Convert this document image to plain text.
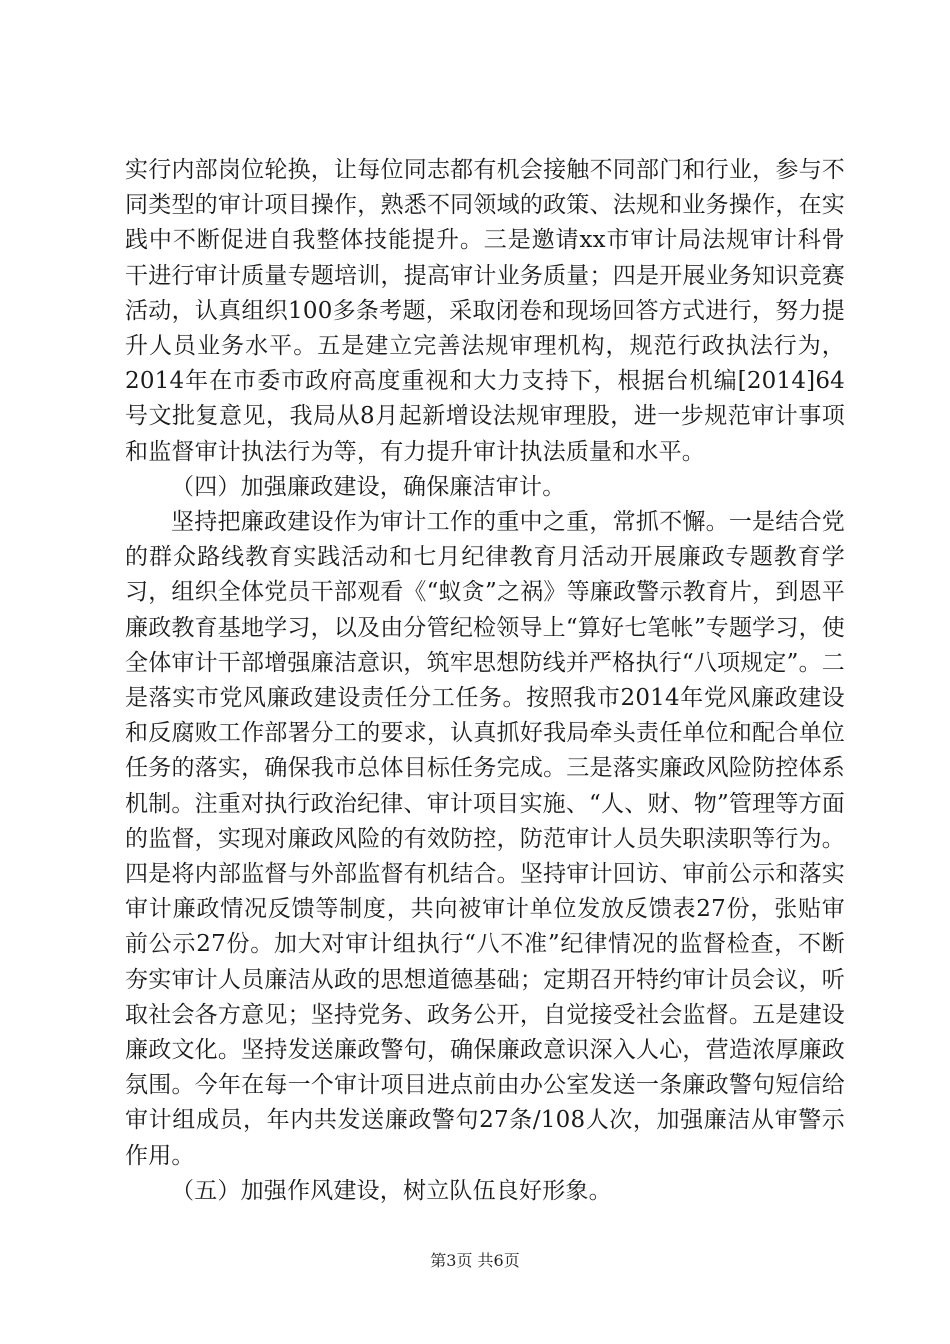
实行内部岗位轮换，让每位同志都有机会接触不同部门和行业，参与不同类型的审计项目操作，熟悉不同领域的政策、法规和业务操作，在实践中不断促进自我整体技能提升。三是邀请xx市审计局法规审计科骨干进行审计质量专题培训，提高审计业务质量；四是开展业务知识竞赛活动，认真组织100多条考题，采取闭卷和现场回答方式进行，努力提升人员业务水平。五是建立完善法规审理机构，规范行政执法行为，2014年在市委市政府高度重视和大力支持下，根据台机编[2014]64号文批复意见，我局从8月起新增设法规审理股，进一步规范审计事项和监督审计执法行为等，有力提升审计执法质量和水平。

（四）加强廉政建设，确保廉洁审计。

坚持把廉政建设作为审计工作的重中之重，常抓不懈。一是结合党的群众路线教育实践活动和七月纪律教育月活动开展廉政专题教育学习，组织全体党员干部观看《“蚁贪”之祸》等廉政警示教育片，到恩平廉政教育基地学习，以及由分管纪检领导上“算好七笔帐”专题学习，使全体审计干部增强廉洁意识，筑牢思想防线并严格执行“八项规定”。二是落实市党风廉政建设责任分工任务。按照我市2014年党风廉政建设和反腐败工作部署分工的要求，认真抓好我局牵头责任单位和配合单位任务的落实，确保我市总体目标任务完成。三是落实廉政风险防控体系机制。注重对执行政治纪律、审计项目实施、“人、财、物”管理等方面的监督，实现对廉政风险的有效防控，防范审计人员失职渎职等行为。四是将内部监督与外部监督有机结合。坚持审计回访、审前公示和落实审计廉政情况反馈等制度，共向被审计单位发放反馈表27份，张贴审前公示27份。加大对审计组执行“八不准”纪律情况的监督检查，不断夯实审计人员廉洁从政的思想道德基础；定期召开特约审计员会议，听取社会各方意见；坚持党务、政务公开，自觉接受社会监督。五是建设廉政文化。坚持发送廉政警句，确保廉政意识深入人心，营造浓厚廉政氛围。今年在每一个审计项目进点前由办公室发送一条廉政警句短信给审计组成员，年内共发送廉政警句27条/108人次，加强廉洁从审警示作用。

（五）加强作风建设，树立队伍良好形象。

第3页 共6页
